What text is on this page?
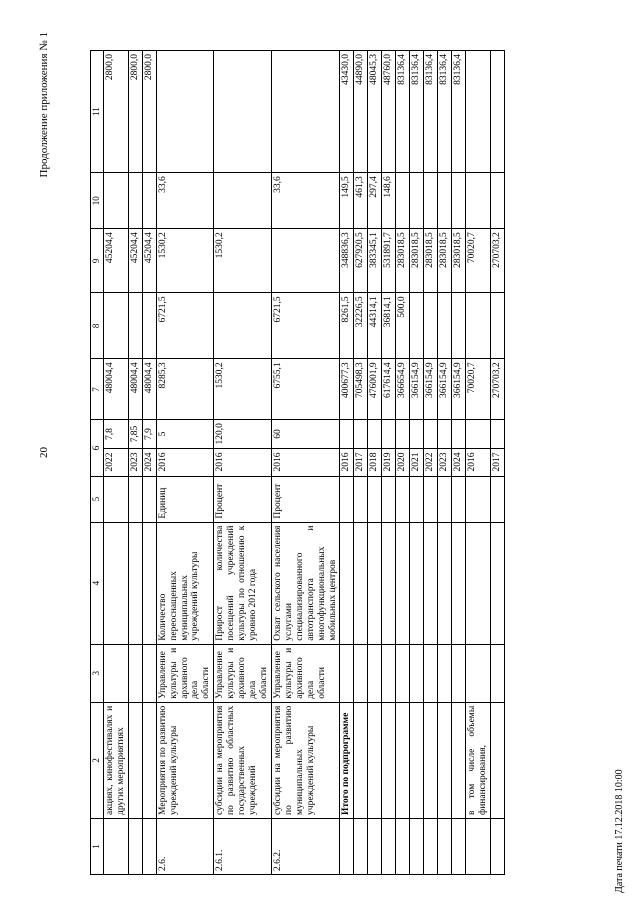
20
Продолжение приложения № 1
1	2	3	4	5	6		7	8	9	10	11
	акциях, кинофестивалях и других мероприятиях				2022	7,8	48004,4		45204,4		2800,0
					2023	7,85	48004,4		45204,4		2800,0
					2024	7,9	48004,4		45204,4		2800,0
2.6.	Мероприятия по развитию учреждений культуры	Управление культуры и архивного дела области	Количество переоснащенных муниципальных учреждений культуры	Единиц	2016	5	8285,3	6721,5	1530,2	33,6	
2.6.1.	субсидии на мероприятия по развитию областных государственных учреждений	Управление культуры и архивного дела области	Прирост количества посещений учреждений культуры по отношению к уровню 2012 года	Процент	2016	120,0	1530,2		1530,2		
2.6.2.	субсидии на мероприятия по развитию муниципальных учреждений культуры	Управление культуры и архивного дела области	Охват сельского населения услугами специализированного автотранспорта и многофункциональных мобильных центров	Процент	2016	60	6755,1	6721,5		33,6	
	Итого по подпрограмме				2016		400677,3	8261,5	348836,3	149,5	43430,0
					2017		705498,3	32226,5	627920,5	461,3	44890,0
					2018		476001,9	44314,1	383345,1	297,4	48045,3
					2019		617614,4	36814,1	531891,7	148,6	48760,0
					2020		366654,9	500,0	283018,5		83136,4
					2021		366154,9		283018,5		83136,4
					2022		366154,9		283018,5		83136,4
					2023		366154,9		283018,5		83136,4
					2024		366154,9		283018,5		83136,4
	в том числе объемы финансирования,				2016		70020,7		70020,7		
					2017		270703,2		270703,2		
Дата печати 17.12.2018 10:00
